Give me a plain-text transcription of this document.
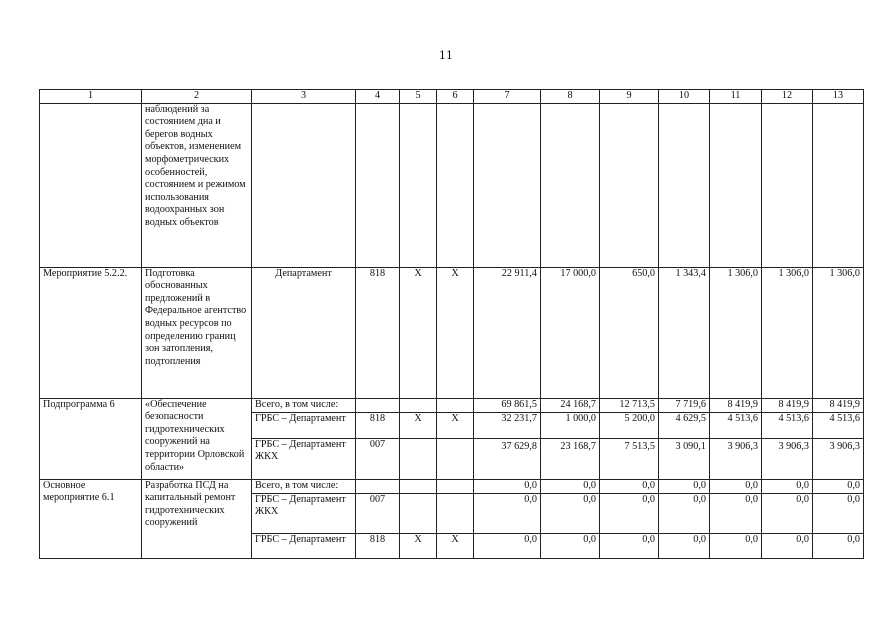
11
1	2	3	4	5	6	7	8	9	10	11	12	13
	наблюдений за состоянием дна и берегов водных объектов, изменением морфометрических особенностей, состоянием и режимом использования водоохранных зон водных объектов											
Мероприятие 5.2.2.	Подготовка обоснованных предложений в Федеральное агентство водных ресурсов по определению границ зон затопления, подтопления	Департамент	818	Х	Х	22 911,4	17 000,0	650,0	1 343,4	1 306,0	1 306,0	1 306,0
Подпрограмма 6	«Обеспечение безопасности гидротехнических сооружений на территории Орловской области»	Всего, в том числе:				69 861,5	24 168,7	12 713,5	7 719,6	8 419,9	8 419,9	8 419,9
		ГРБС – Департамент	818	Х	Х	32 231,7	1 000,0	5 200,0	4 629,5	4 513,6	4 513,6	4 513,6
		ГРБС – Департамент ЖКХ	007			37 629,8	23 168,7	7 513,5	3 090,1	3 906,3	3 906,3	3 906,3
Основное мероприятие 6.1	Разработка ПСД на капитальный ремонт гидротехнических сооружений	Всего, в том числе:				0,0	0,0	0,0	0,0	0,0	0,0	0,0
		ГРБС – Департамент ЖКХ	007			0,0	0,0	0,0	0,0	0,0	0,0	0,0
		ГРБС – Департамент	818	Х	Х	0,0	0,0	0,0	0,0	0,0	0,0	0,0
